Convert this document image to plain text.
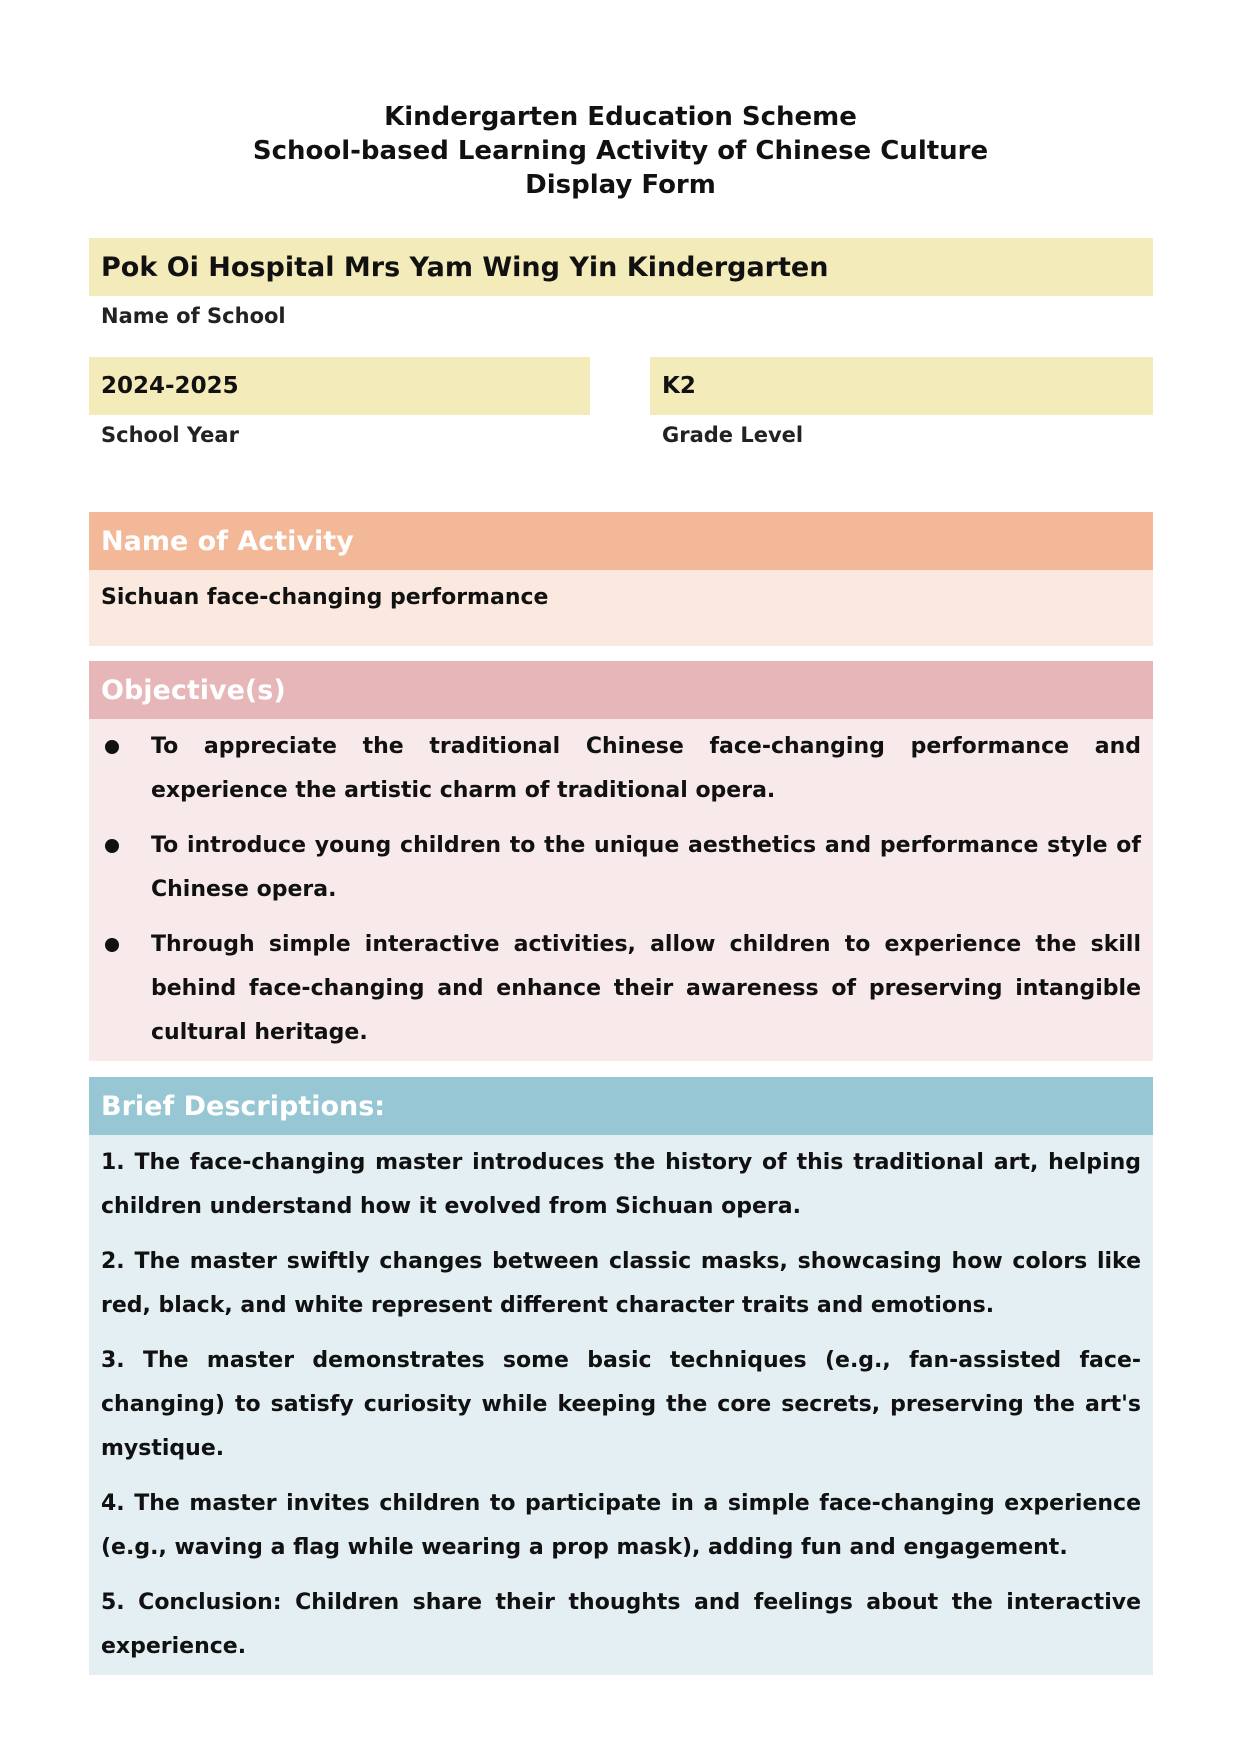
Kindergarten Education Scheme
School-based Learning Activity of Chinese Culture
Display Form
Pok Oi Hospital Mrs Yam Wing Yin Kindergarten
Name of School
2024-2025
School Year
K2
Grade Level
Name of Activity
Sichuan face-changing performance
Objective(s)
To appreciate the traditional Chinese face-changing performance and experience the artistic charm of traditional opera.
To introduce young children to the unique aesthetics and performance style of Chinese opera.
Through simple interactive activities, allow children to experience the skill behind face-changing and enhance their awareness of preserving intangible cultural heritage.
Brief Descriptions:
1. The face-changing master introduces the history of this traditional art, helping children understand how it evolved from Sichuan opera.
2. The master swiftly changes between classic masks, showcasing how colors like red, black, and white represent different character traits and emotions.
3. The master demonstrates some basic techniques (e.g., fan-assisted face-changing) to satisfy curiosity while keeping the core secrets, preserving the art's mystique.
4. The master invites children to participate in a simple face-changing experience (e.g., waving a flag while wearing a prop mask), adding fun and engagement.
5. Conclusion: Children share their thoughts and feelings about the interactive experience.
